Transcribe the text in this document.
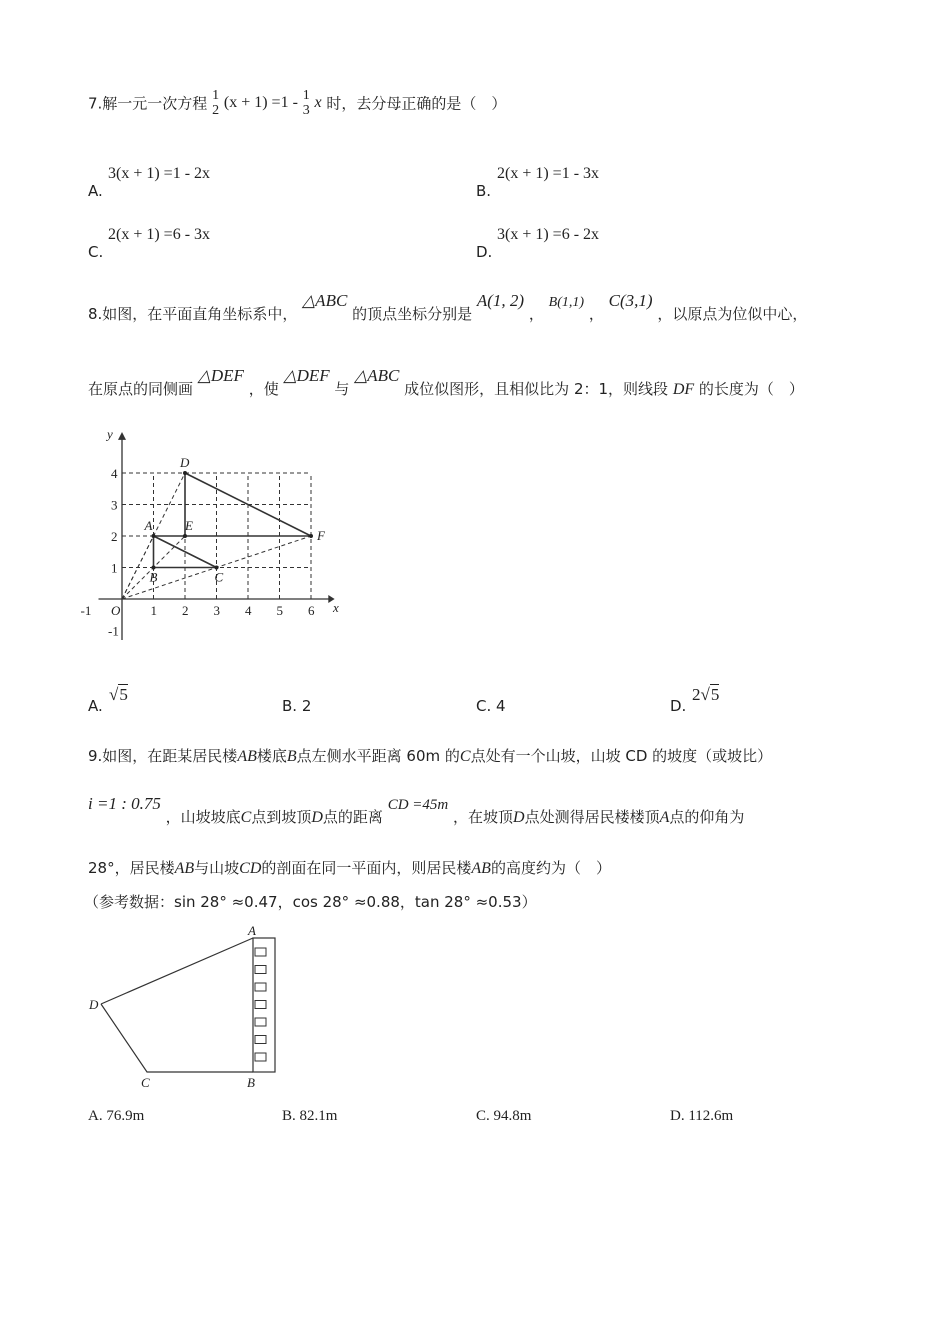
7.解一元一次方程 1
2 (x + 1) =1 - 1
3 x 时，去分母正确的是（　）
A.
3(x + 1) =1 - 2x
B.
2(x + 1) =1 - 3x
C.
2(x + 1) =6 - 3x
D.
3(x + 1) =6 - 2x
8.如图，在平面直角坐标系中， △ABC 的顶点坐标分别是 A(1, 2) ， B(1,1) ， C(3,1) ，以原点为位似中心，
在原点的同侧画 △DEF ，使 △DEF 与 △ABC 成位似图形，且相似比为 2：1，则线段 DF 的长度为（　）
A
B	C
D
E
F
y
x
O
-1	1 2 3 4 5 6
-1
1
2
3
4
A.
√5
B. 2	C. 4	D.
2√5
9.如图，在距某居民楼AB楼底B点左侧水平距离 60m 的C点处有一个山坡，山坡 CD 的坡度（或坡比）
i =1 : 0.75 ，山坡坡底C点到坡顶D点的距离 CD =45m ，在坡顶D点处测得居民楼楼顶A点的仰角为
28°，居民楼AB与山坡CD的剖面在同一平面内，则居民楼AB的高度约为（　）
（参考数据：sin 28° ≈0.47，cos 28° ≈0.88，tan 28° ≈0.53）
A
B
C
D
A. 76.9m	B. 82.1m	C. 94.8m	D. 112.6m
